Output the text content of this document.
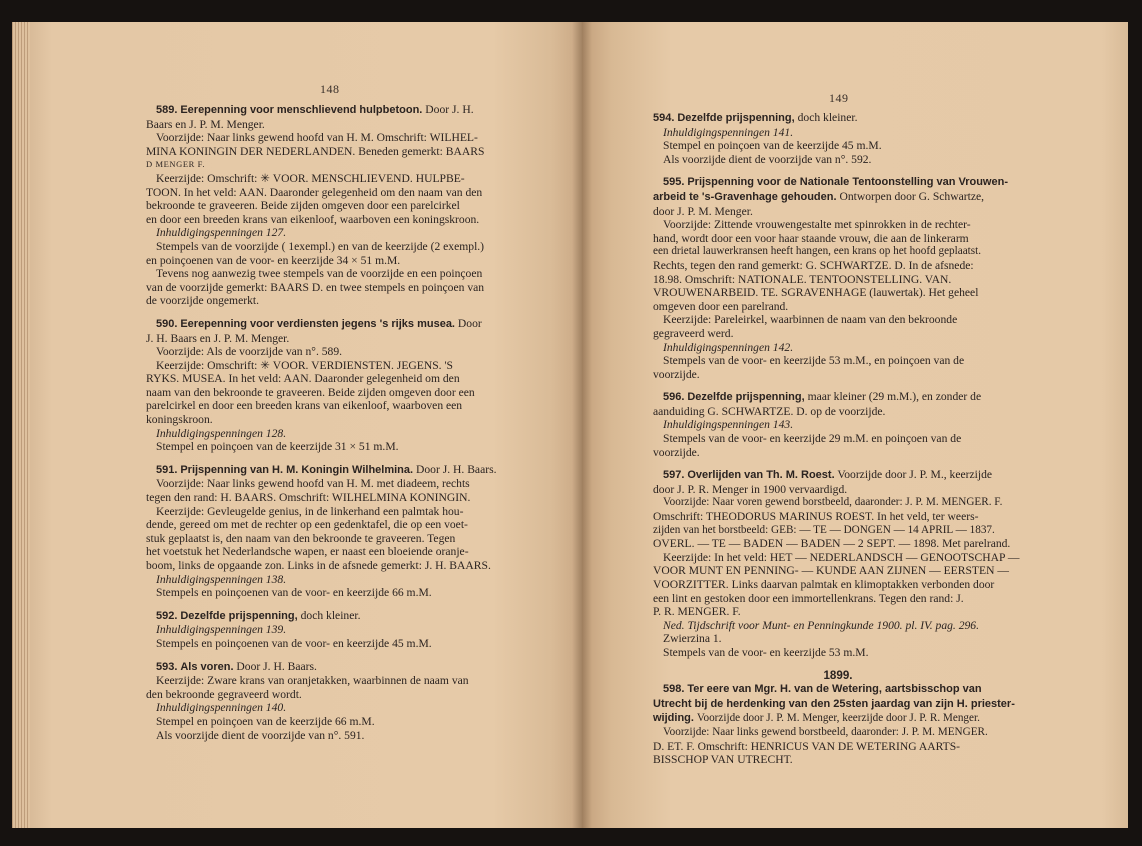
148

589. Eerepenning voor menschlievend hulpbetoon. Door J. H.

Baars en J. P. M. Menger.

Voorzijde: Naar links gewend hoofd van H. M. Omschrift: WILHEL-

MINA KONINGIN DER NEDERLANDEN. Beneden gemerkt: BAARS

D MENGER F.

Keerzijde: Omschrift: ✳ VOOR. MENSCHLIEVEND. HULPBE-

TOON. In het veld: AAN. Daaronder gelegenheid om den naam van den

bekroonde te graveeren. Beide zijden omgeven door een parelcirkel

en door een breeden krans van eikenloof, waarboven een koningskroon.

Inhuldigingspenningen 127.

Stempels van de voorzijde ( 1exempl.) en van de keerzijde (2 exempl.)

en poinçoenen van de voor- en keerzijde 34 × 51 m.M.

Tevens nog aanwezig twee stempels van de voorzijde en een poinçoen

van de voorzijde gemerkt: BAARS D. en twee stempels en poinçoen van

de voorzijde ongemerkt.

590. Eerepenning voor verdiensten jegens 's rijks musea. Door

J. H. Baars en J. P. M. Menger.

Voorzijde: Als de voorzijde van n°. 589.

Keerzijde: Omschrift: ✳ VOOR. VERDIENSTEN. JEGENS. 'S

RYKS. MUSEA. In het veld: AAN. Daaronder gelegenheid om den

naam van den bekroonde te graveeren. Beide zijden omgeven door een

parelcirkel en door een breeden krans van eikenloof, waarboven een

koningskroon.

Inhuldigingspenningen 128.

Stempel en poinçoen van de keerzijde 31 × 51 m.M.

591. Prijspenning van H. M. Koningin Wilhelmina. Door J. H. Baars.

Voorzijde: Naar links gewend hoofd van H. M. met diadeem, rechts

tegen den rand: H. BAARS. Omschrift: WILHELMINA KONINGIN.

Keerzijde: Gevleugelde genius, in de linkerhand een palmtak hou-

dende, gereed om met de rechter op een gedenktafel, die op een voet-

stuk geplaatst is, den naam van den bekroonde te graveeren. Tegen

het voetstuk het Nederlandsche wapen, er naast een bloeiende oranje-

boom, links de opgaande zon. Links in de afsnede gemerkt: J. H. BAARS.

Inhuldigingspenningen 138.

Stempels en poinçoenen van de voor- en keerzijde 66 m.M.

592. Dezelfde prijspenning, doch kleiner.

Inhuldigingspenningen 139.

Stempels en poinçoenen van de voor- en keerzijde 45 m.M.

593. Als voren. Door J. H. Baars.

Keerzijde: Zware krans van oranjetakken, waarbinnen de naam van

den bekroonde gegraveerd wordt.

Inhuldigingspenningen 140.

Stempel en poinçoen van de keerzijde 66 m.M.

Als voorzijde dient de voorzijde van n°. 591.

149

594. Dezelfde prijspenning, doch kleiner.

Inhuldigingspenningen 141.

Stempel en poinçoen van de keerzijde 45 m.M.

Als voorzijde dient de voorzijde van n°. 592.

595. Prijspenning voor de Nationale Tentoonstelling van Vrouwen-

arbeid te 's-Gravenhage gehouden. Ontworpen door G. Schwartze,

door J. P. M. Menger.

Voorzijde: Zittende vrouwengestalte met spinrokken in de rechter-

hand, wordt door een voor haar staande vrouw, die aan de linkerarm

een drietal lauwerkransen heeft hangen, een krans op het hoofd geplaatst.

Rechts, tegen den rand gemerkt: G. SCHWARTZE. D. In de afsnede:

18.98. Omschrift: NATIONALE. TENTOONSTELLING. VAN.

VROUWENARBEID. TE. SGRAVENHAGE (lauwertak). Het geheel

omgeven door een parelrand.

Keerzijde: Pareleirkel, waarbinnen de naam van den bekroonde

gegraveerd werd.

Inhuldigingspenningen 142.

Stempels van de voor- en keerzijde 53 m.M., en poinçoen van de

voorzijde.

596. Dezelfde prijspenning, maar kleiner (29 m.M.), en zonder de

aanduiding G. SCHWARTZE. D. op de voorzijde.

Inhuldigingspenningen 143.

Stempels van de voor- en keerzijde 29 m.M. en poinçoen van de

voorzijde.

597. Overlijden van Th. M. Roest. Voorzijde door J. P. M., keerzijde

door J. P. R. Menger in 1900 vervaardigd.

Voorzijde: Naar voren gewend borstbeeld, daaronder: J. P. M. MENGER. F.

Omschrift: THEODORUS MARINUS ROEST. In het veld, ter weers-

zijden van het borstbeeld: GEB: — TE — DONGEN — 14 APRIL — 1837.

OVERL. — TE — BADEN — BADEN — 2 SEPT. — 1898. Met parelrand.

Keerzijde: In het veld: HET — NEDERLANDSCH — GENOOTSCHAP —

VOOR MUNT EN PENNING- — KUNDE AAN ZIJNEN — EERSTEN —

VOORZITTER. Links daarvan palmtak en klimoptakken verbonden door

een lint en gestoken door een immortellenkrans. Tegen den rand: J.

P. R. MENGER. F.

Ned. Tijdschrift voor Munt- en Penningkunde 1900. pl. IV. pag. 296.

Zwierzina 1.

Stempels van de voor- en keerzijde 53 m.M.

1899.

598. Ter eere van Mgr. H. van de Wetering, aartsbisschop van

Utrecht bij de herdenking van den 25sten jaardag van zijn H. priester-

wijding. Voorzijde door J. P. M. Menger, keerzijde door J. P. R. Menger.

Voorzijde: Naar links gewend borstbeeld, daaronder: J. P. M. MENGER.

D. ET. F. Omschrift: HENRICUS VAN DE WETERING AARTS-

BISSCHOP VAN UTRECHT.
